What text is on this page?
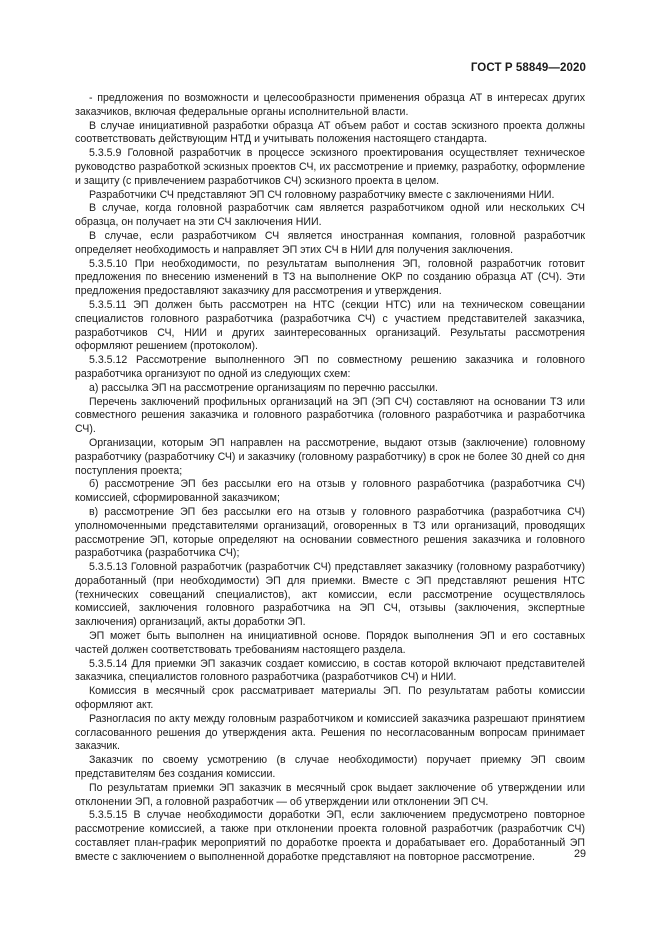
ГОСТ Р 58849—2020

- предложения по возможности и целесообразности применения образца АТ в интересах других заказчиков, включая федеральные органы исполнительной власти.

В случае инициативной разработки образца АТ объем работ и состав эскизного проекта должны соответствовать действующим НТД и учитывать положения настоящего стандарта.

5.3.5.9 Головной разработчик в процессе эскизного проектирования осуществляет техническое руководство разработкой эскизных проектов СЧ, их рассмотрение и приемку, разработку, оформление и защиту (с привлечением разработчиков СЧ) эскизного проекта в целом.

Разработчики СЧ представляют ЭП СЧ головному разработчику вместе с заключениями НИИ.

В случае, когда головной разработчик сам является разработчиком одной или нескольких СЧ образца, он получает на эти СЧ заключения НИИ.

В случае, если разработчиком СЧ является иностранная компания, головной разработчик определяет необходимость и направляет ЭП этих СЧ в НИИ для получения заключения.

5.3.5.10 При необходимости, по результатам выполнения ЭП, головной разработчик готовит предложения по внесению изменений в ТЗ на выполнение ОКР по созданию образца АТ (СЧ). Эти предложения предоставляют заказчику для рассмотрения и утверждения.

5.3.5.11 ЭП должен быть рассмотрен на НТС (секции НТС) или на техническом совещании специалистов головного разработчика (разработчика СЧ) с участием представителей заказчика, разработчиков СЧ, НИИ и других заинтересованных организаций. Результаты рассмотрения оформляют решением (протоколом).

5.3.5.12 Рассмотрение выполненного ЭП по совместному решению заказчика и головного разработчика организуют по одной из следующих схем:

а) рассылка ЭП на рассмотрение организациям по перечню рассылки.

Перечень заключений профильных организаций на ЭП (ЭП СЧ) составляют на основании ТЗ или совместного решения заказчика и головного разработчика (головного разработчика и разработчика СЧ).

Организации, которым ЭП направлен на рассмотрение, выдают отзыв (заключение) головному разработчику (разработчику СЧ) и заказчику (головному разработчику) в срок не более 30 дней со дня поступления проекта;

б) рассмотрение ЭП без рассылки его на отзыв у головного разработчика (разработчика СЧ) комиссией, сформированной заказчиком;

в) рассмотрение ЭП без рассылки его на отзыв у головного разработчика (разработчика СЧ) уполномоченными представителями организаций, оговоренных в ТЗ или организаций, проводящих рассмотрение ЭП, которые определяют на основании совместного решения заказчика и головного разработчика (разработчика СЧ);

5.3.5.13 Головной разработчик (разработчик СЧ) представляет заказчику (головному разработчику) доработанный (при необходимости) ЭП для приемки. Вместе с ЭП представляют решения НТС (технических совещаний специалистов), акт комиссии, если рассмотрение осуществлялось комиссией, заключения головного разработчика на ЭП СЧ, отзывы (заключения, экспертные заключения) организаций, акты доработки ЭП.

ЭП может быть выполнен на инициативной основе. Порядок выполнения ЭП и его составных частей должен соответствовать требованиям настоящего раздела.

5.3.5.14 Для приемки ЭП заказчик создает комиссию, в состав которой включают представителей заказчика, специалистов головного разработчика (разработчиков СЧ) и НИИ.

Комиссия в месячный срок рассматривает материалы ЭП. По результатам работы комиссии оформляют акт.

Разногласия по акту между головным разработчиком и комиссией заказчика разрешают принятием согласованного решения до утверждения акта. Решения по несогласованным вопросам принимает заказчик.

Заказчик по своему усмотрению (в случае необходимости) поручает приемку ЭП своим представителям без создания комиссии.

По результатам приемки ЭП заказчик в месячный срок выдает заключение об утверждении или отклонении ЭП, а головной разработчик — об утверждении или отклонении ЭП СЧ.

5.3.5.15 В случае необходимости доработки ЭП, если заключением предусмотрено повторное рассмотрение комиссией, а также при отклонении проекта головной разработчик (разработчик СЧ) составляет план-график мероприятий по доработке проекта и дорабатывает его. Доработанный ЭП вместе с заключением о выполненной доработке представляют на повторное рассмотрение.	29
